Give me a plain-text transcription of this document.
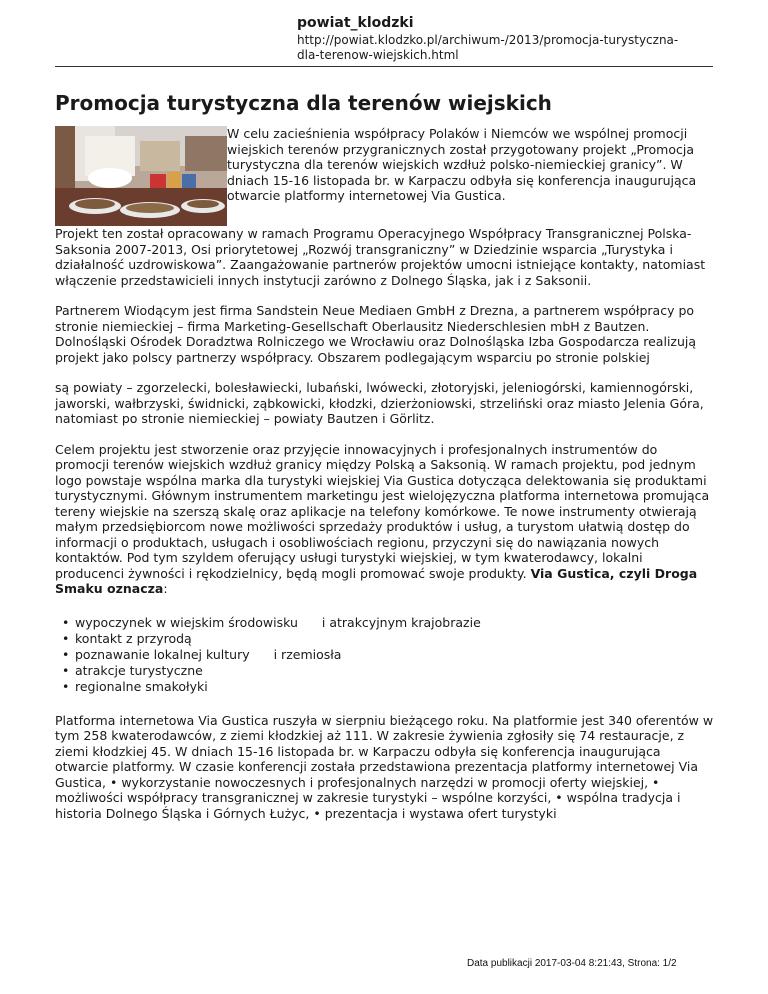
powiat_klodzki
http://powiat.klodzko.pl/archiwum-/2013/promocja-turystyczna-
dla-terenow-wiejskich.html
Promocja turystyczna dla terenów wiejskich

W celu zacieśnienia współpracy Polaków i Niemców we wspólnej promocji wiejskich terenów przygranicznych został przygotowany projekt „Promocja turystyczna dla terenów wiejskich wzdłuż polsko-niemieckiej granicy”. W dniach 15-16 listopada br. w Karpaczu odbyła się konferencja inaugurująca otwarcie platformy internetowej Via Gustica.

Projekt ten został opracowany w ramach Programu Operacyjnego Współpracy Transgranicznej Polska-Saksonia 2007-2013, Osi priorytetowej „Rozwój transgraniczny” w Dziedzinie wsparcia „Turystyka i działalność uzdrowiskowa”. Zaangażowanie partnerów projektów umocni istniejące kontakty, natomiast włączenie przedstawicieli innych instytucji zarówno z Dolnego Śląska, jak i z Saksonii.

Partnerem Wiodącym jest firma Sandstein Neue Mediaen GmbH z Drezna, a partnerem współpracy po stronie niemieckiej – firma Marketing-Gesellschaft Oberlausitz Niederschlesien mbH z Bautzen. Dolnośląski Ośrodek Doradztwa Rolniczego we Wrocławiu oraz Dolnośląska Izba Gospodarcza realizują projekt jako polscy partnerzy współpracy. Obszarem podlegającym wsparciu po stronie polskiej

są powiaty – zgorzelecki, bolesławiecki, lubański, lwówecki, złotoryjski, jeleniogórski, kamiennogórski, jaworski, wałbrzyski, świdnicki, ząbkowicki, kłodzki, dzierżoniowski, strzeliński oraz miasto Jelenia Góra, natomiast po stronie niemieckiej – powiaty Bautzen i Görlitz.

Celem projektu jest stworzenie oraz przyjęcie innowacyjnych i profesjonalnych instrumentów do promocji terenów wiejskich wzdłuż granicy między Polską a Saksonią. W ramach projektu, pod jednym logo powstaje wspólna marka dla turystyki wiejskiej Via Gustica dotycząca delektowania się produktami turystycznymi. Głównym instrumentem marketingu jest wielojęzyczna platforma internetowa promująca tereny wiejskie na szerszą skalę oraz aplikacje na telefony komórkowe. Te nowe instrumenty otwierają małym przedsiębiorcom nowe możliwości sprzedaży produktów i usług, a turystom ułatwią dostęp do informacji o produktach, usługach i osobliwościach regionu, przyczyni się do nawiązania nowych kontaktów. Pod tym szyldem oferujący usługi turystyki wiejskiej, w tym kwaterodawcy, lokalni producenci żywności i rękodzielnicy, będą mogli promować swoje produkty. Via Gustica, czyli Droga Smaku oznacza:

• wypoczynek w wiejskim środowisku i atrakcyjnym krajobrazie
• kontakt z przyrodą
• poznawanie lokalnej kultury i rzemiosła
• atrakcje turystyczne
• regionalne smakołyki

Platforma internetowa Via Gustica ruszyła w sierpniu bieżącego roku. Na platformie jest 340 oferentów w tym 258 kwaterodawców, z ziemi kłodzkiej aż 111. W zakresie żywienia zgłosiły się 74 restauracje, z ziemi kłodzkiej 45. W dniach 15-16 listopada br. w Karpaczu odbyła się konferencja inaugurująca otwarcie platformy. W czasie konferencji została przedstawiona prezentacja platformy internetowej Via Gustica, • wykorzystanie nowoczesnych i profesjonalnych narzędzi w promocji oferty wiejskiej, • możliwości współpracy transgranicznej w zakresie turystyki – wspólne korzyści, • wspólna tradycja i historia Dolnego Śląska i Górnych Łużyc, • prezentacja i wystawa ofert turystyki

Data publikacji 2017-03-04 8:21:43, Strona: 1/2
